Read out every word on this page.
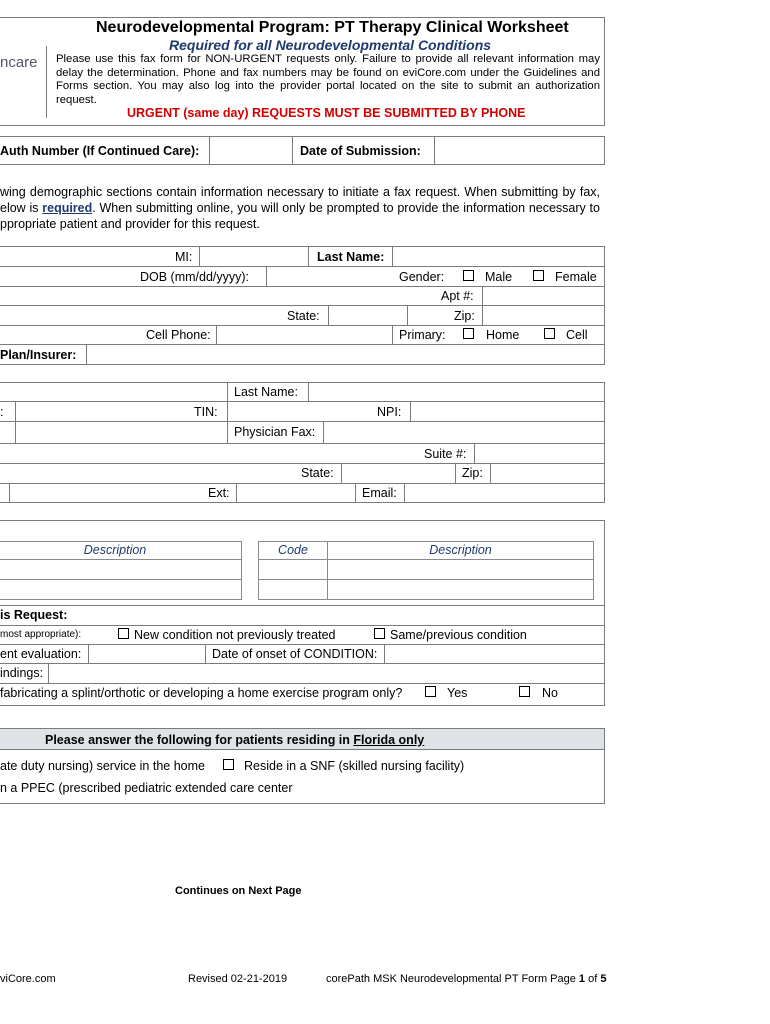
ncare
Neurodevelopmental Program: PT Therapy Clinical Worksheet
Required for all Neurodevelopmental Conditions
Please use this fax form for NON-URGENT requests only. Failure to provide all relevant information may delay the determination. Phone and fax numbers may be found on eviCore.com under the Guidelines and Forms section. You may also log into the provider portal located on the site to submit an authorization request.
URGENT (same day) REQUESTS MUST BE SUBMITTED BY PHONE
Auth Number (If Continued Care):	Date of Submission:
wing demographic sections contain information necessary to initiate a fax request. When submitting by fax, elow is required. When submitting online, you will only be prompted to provide the information necessary to ppropriate patient and provider for this request.
MI:	Last Name:
DOB (mm/dd/yyyy):	Gender:	Male	Female
Apt #:
State:	Zip:
Cell Phone:	Primary:	Home	Cell
Plan/Insurer:
Last Name:
:	TIN:	NPI:
Physician Fax:
Suite #:
State:	Zip:
Ext:	Email:
Description	Code	Description
is Request:
most appropriate):	New condition not previously treated	Same/previous condition
ent evaluation:	Date of onset of CONDITION:
indings:
fabricating a splint/orthotic or developing a home exercise program only?	Yes	No
Please answer the following for patients residing in Florida only
ate duty nursing) service in the home	Reside in a SNF (skilled nursing facility)
n a PPEC (prescribed pediatric extended care center
Continues on Next Page
viCore.com	Revised 02-21-2019	corePath MSK Neurodevelopmental PT Form Page 1 of 5
